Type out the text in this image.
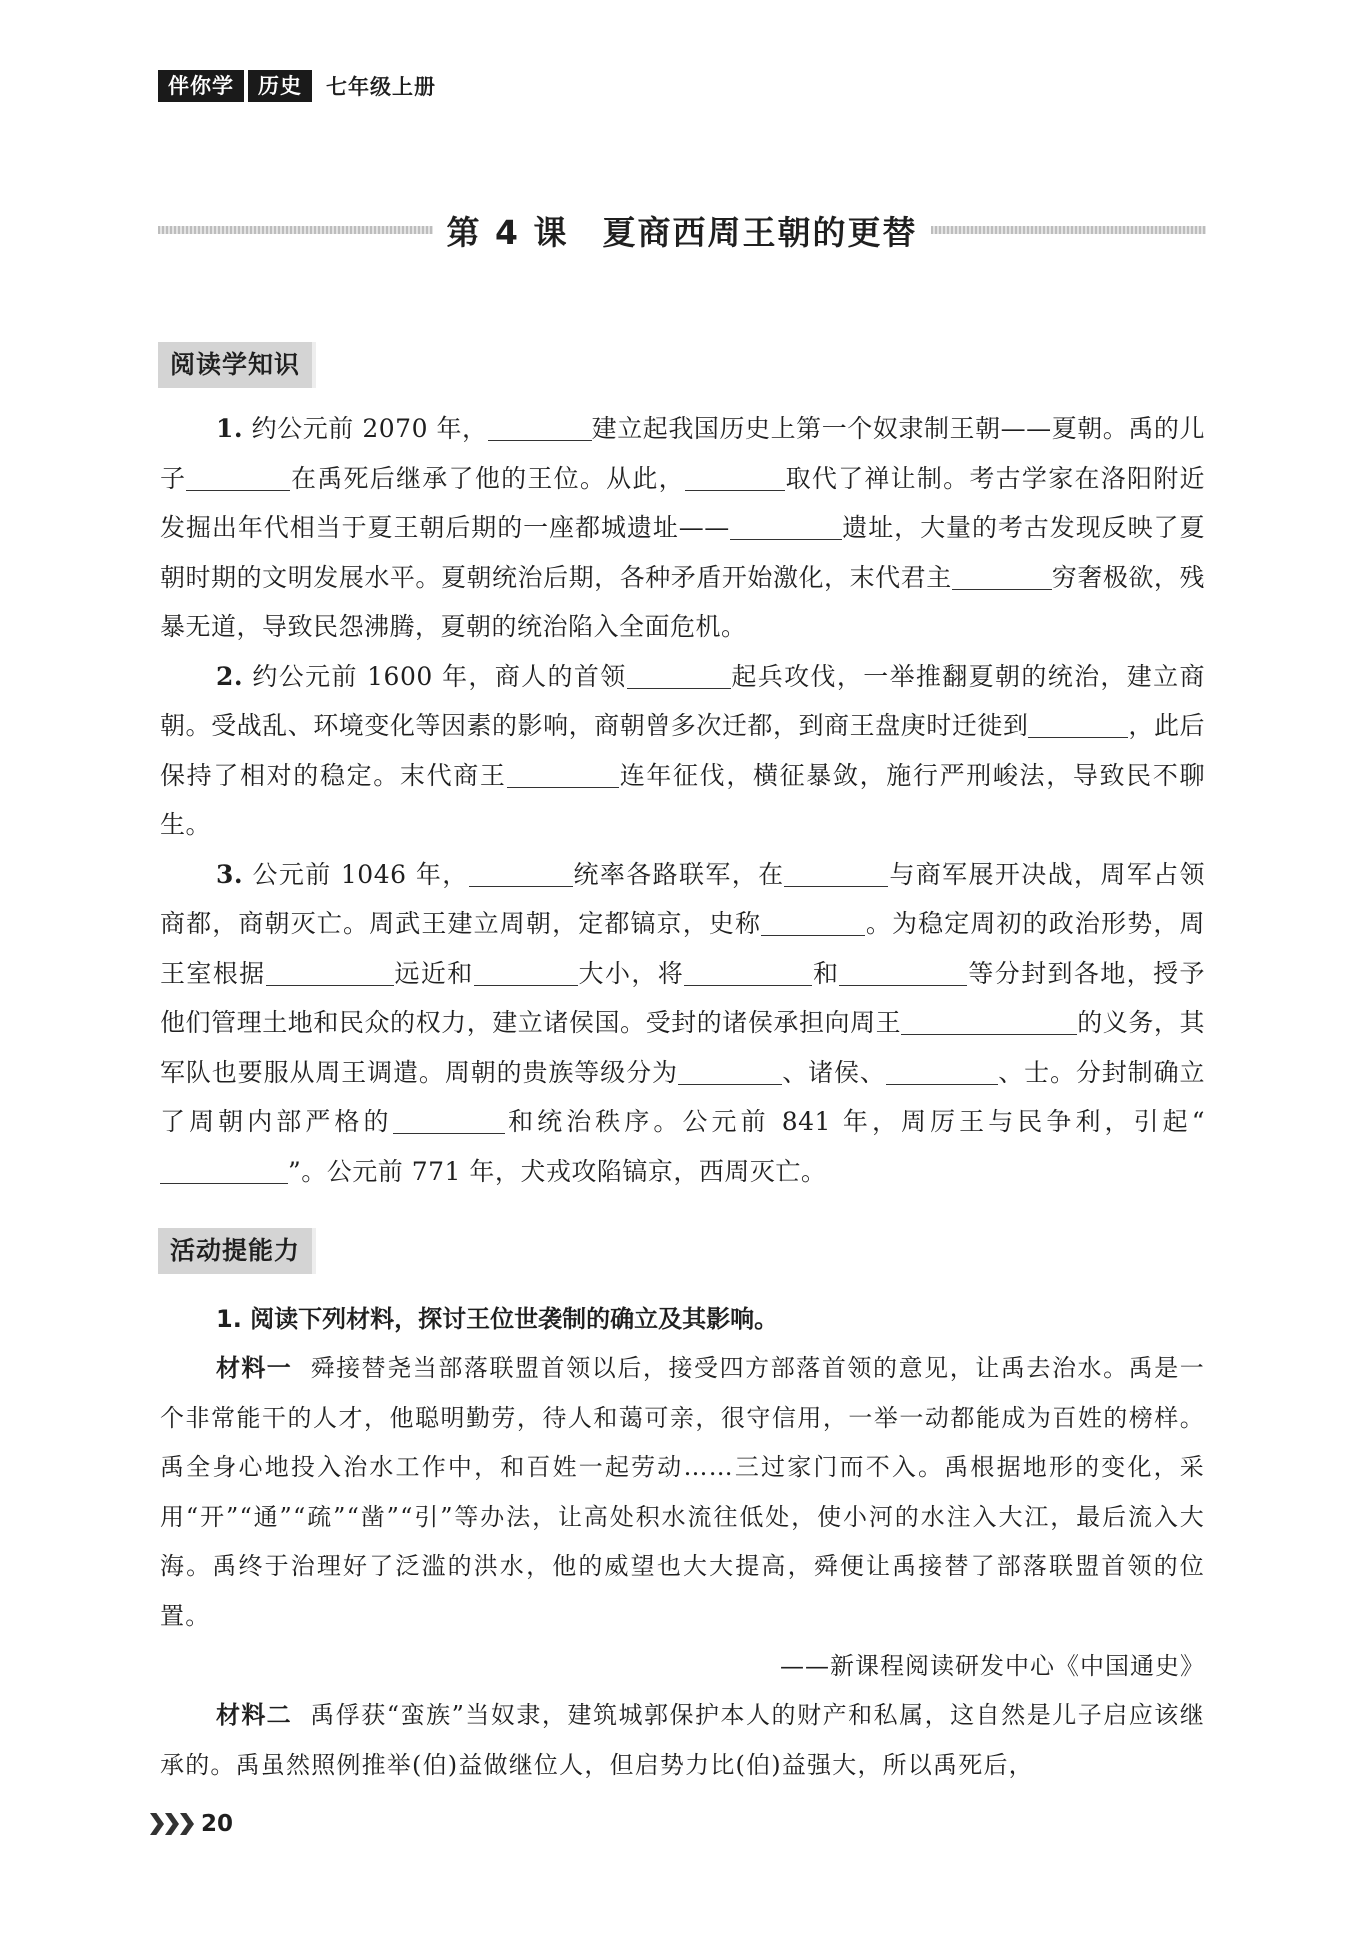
伴你学	历史	七年级上册
第 4 课 夏商西周王朝的更替
阅读学知识

1. 约公元前 2070 年，	建立起我国历史上第一个奴隶制王朝——夏朝。禹的儿子	在禹死后继承了他的王位。从此，	取代了禅让制。考古学家在洛阳附近发掘出年代相当于夏王朝后期的一座都城遗址——	遗址，大量的考古发现反映了夏朝时期的文明发展水平。夏朝统治后期，各种矛盾开始激化，末代君主	穷奢极欲，残暴无道，导致民怨沸腾，夏朝的统治陷入全面危机。

2. 约公元前 1600 年，商人的首领	起兵攻伐，一举推翻夏朝的统治，建立商朝。受战乱、环境变化等因素的影响，商朝曾多次迁都，到商王盘庚时迁徙到	，此后保持了相对的稳定。末代商王	连年征伐，横征暴敛，施行严刑峻法，导致民不聊生。

3. 公元前 1046 年，	统率各路联军，在	与商军展开决战，周军占领商都，商朝灭亡。周武王建立周朝，定都镐京，史称	。为稳定周初的政治形势，周王室根据	远近和	大小，将	和	等分封到各地，授予他们管理土地和民众的权力，建立诸侯国。受封的诸侯承担向周王	的义务，其军队也要服从周王调遣。周朝的贵族等级分为	、诸侯、	、士。分封制确立了周朝内部严格的	和统治秩序。公元前 841 年，周厉王与民争利，引起“”。公元前 771 年，犬戎攻陷镐京，西周灭亡。

活动提能力

1. 阅读下列材料，探讨王位世袭制的确立及其影响。

材料一 舜接替尧当部落联盟首领以后，接受四方部落首领的意见，让禹去治水。禹是一个非常能干的人才，他聪明勤劳，待人和蔼可亲，很守信用，一举一动都能成为百姓的榜样。禹全身心地投入治水工作中，和百姓一起劳动……三过家门而不入。禹根据地形的变化，采用“开”“通”“疏”“凿”“引”等办法，让高处积水流往低处，使小河的水注入大江，最后流入大海。禹终于治理好了泛滥的洪水，他的威望也大大提高，舜便让禹接替了部落联盟首领的位置。

——新课程阅读研发中心《中国通史》

材料二 禹俘获“蛮族”当奴隶，建筑城郭保护本人的财产和私属，这自然是儿子启应该继承的。禹虽然照例推举(伯)益做继位人，但启势力比(伯)益强大，所以禹死后，

20
